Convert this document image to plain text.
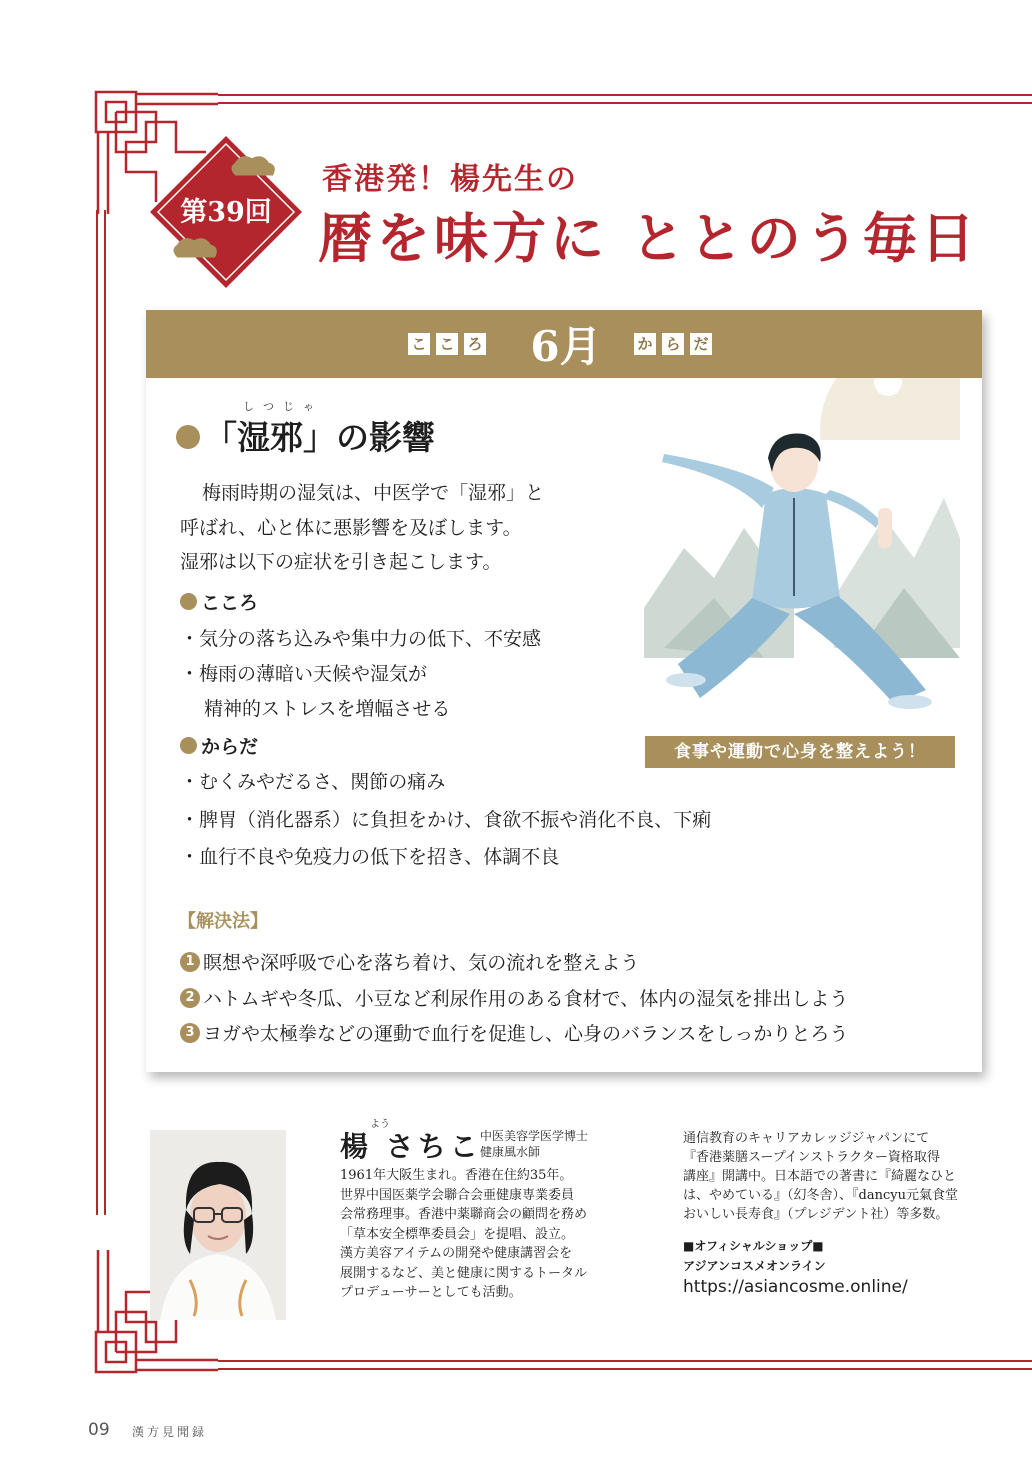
第39回
香港発！楊先生の
暦を味方に ととのう毎日
こ こ ろ	6月	か ら だ
しつじゃ
「湿邪」の影響
梅雨時期の湿気は、中医学で「湿邪」と
呼ばれ、心と体に悪影響を及ぼします。
湿邪は以下の症状を引き起こします。
こころ
・気分の落ち込みや集中力の低下、不安感
・梅雨の薄暗い天候や湿気が
精神的ストレスを増幅させる
からだ
・むくみやだるさ、関節の痛み
・脾胃（消化器系）に負担をかけ、食欲不振や消化不良、下痢
・血行不良や免疫力の低下を招き、体調不良
食事や運動で心身を整えよう！
【解決法】
1 瞑想や深呼吸で心を落ち着け、気の流れを整えよう
2 ハトムギや冬瓜、小豆など利尿作用のある食材で、体内の湿気を排出しよう
3 ヨガや太極拳などの運動で血行を促進し、心身のバランスをしっかりとろう
よう
楊 さちこ
中医美容学医学博士
健康風水師
1961年大阪生まれ。香港在住約35年。
世界中国医薬学会聯合会亜健康専業委員
会常務理事。香港中薬聯商会の顧問を務め
「草本安全標準委員会」を提唱、設立。
漢方美容アイテムの開発や健康講習会を
展開するなど、美と健康に関するトータル
プロデューサーとしても活動。
通信教育のキャリアカレッジジャパンにて
『香港薬膳スープインストラクター資格取得
講座』開講中。日本語での著書に『綺麗なひと
は、やめている』（幻冬舎）、『dancyu元氣食堂
おいしい長寿食』（プレジデント社）等多数。
■オフィシャルショップ■
アジアンコスメオンライン
https://asiancosme.online/
09 漢方見聞録
